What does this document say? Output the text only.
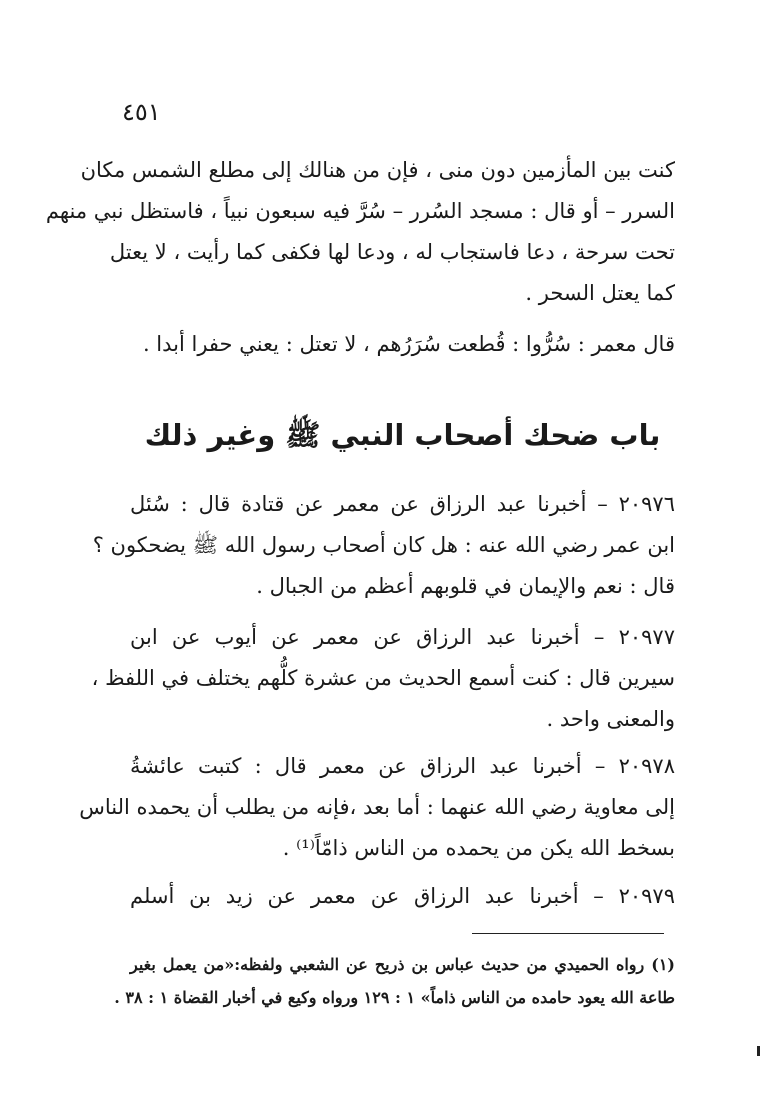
٤٥١
كنت بين المأزمين دون منى ، فإن من هنالك إلى مطلع الشمس مكان
السرر – أو قال : مسجد السُرر – سُرَّ فيه سبعون نبياً ، فاستظل نبي منهم
تحت سرحة ، دعا فاستجاب له ، ودعا لها فكفى كما رأيت ، لا يعتل
كما يعتل السحر .
قال معمر : سُرُّوا : قُطعت سُرَرُهم ، لا تعتل : يعني حفرا أبدا .
باب ضحك أصحاب النبي ﷺ وغير ذلك
٢٠٩٧٦ – أخبرنا عبد الرزاق عن معمر عن قتادة قال : سُئل
ابن عمر رضي الله عنه : هل كان أصحاب رسول الله ﷺ يضحكون ؟
قال : نعم والإيمان في قلوبهم أعظم من الجبال .
٢٠٩٧٧ – أخبرنا عبد الرزاق عن معمر عن أيوب عن ابن
سيرين قال : كنت أسمع الحديث من عشرة كلُّهم يختلف في اللفظ ،
والمعنى واحد .
٢٠٩٧٨ – أخبرنا عبد الرزاق عن معمر قال : كتبت عائشةُ
إلى معاوية رضي الله عنهما : أما بعد ،فإنه من يطلب أن يحمده الناس
بسخط الله يكن من يحمده من الناس ذامّاً⁽¹⁾ .
٢٠٩٧٩ – أخبرنا عبد الرزاق عن معمر عن زيد بن أسلم
(١) رواه الحميدي من حديث عباس بن ذريح عن الشعبي ولفظه:«من يعمل بغير
طاعة الله يعود حامده من الناس ذاماً» ١ : ١٢٩ ورواه وكيع في أخبار القضاة ١ : ٣٨ .
